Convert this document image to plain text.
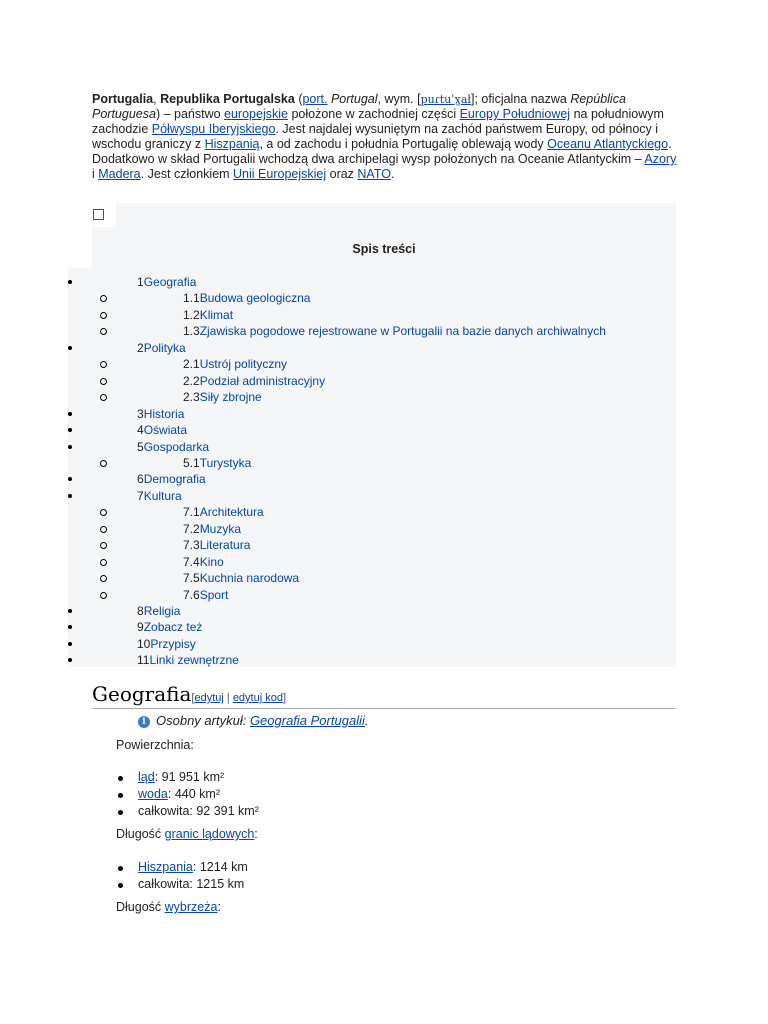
Portugalia, Republika Portugalska (port. Portugal, wym. [puɾtuˈɣał]; oficjalna nazwa República Portuguesa) – państwo europejskie położone w zachodniej części Europy Południowej na południowym zachodzie Półwyspu Iberyjskiego. Jest najdalej wysuniętym na zachód państwem Europy, od północy i wschodu graniczy z Hiszpanią, a od zachodu i południa Portugalię oblewają wody Oceanu Atlantyckiego. Dodatkowo w skład Portugalii wchodzą dwa archipelagi wysp położonych na Oceanie Atlantyckim – Azory i Madera. Jest członkiem Unii Europejskiej oraz NATO.
Spis treści
1Geografia
1.1Budowa geologiczna
1.2Klimat
1.3Zjawiska pogodowe rejestrowane w Portugalii na bazie danych archiwalnych
2Polityka
2.1Ustrój polityczny
2.2Podział administracyjny
2.3Siły zbrojne
3Historia
4Oświata
5Gospodarka
5.1Turystyka
6Demografia
7Kultura
7.1Architektura
7.2Muzyka
7.3Literatura
7.4Kino
7.5Kuchnia narodowa
7.6Sport
8Religia
9Zobacz też
10Przypisy
11Linki zewnętrzne
Geografia[edytuj | edytuj kod]
i Osobny artykuł: Geografia Portugalii.
Powierzchnia:
ląd: 91 951 km²
woda: 440 km²
całkowita: 92 391 km²
Długość granic lądowych:
Hiszpania: 1214 km
całkowita: 1215 km
Długość wybrzeża:
